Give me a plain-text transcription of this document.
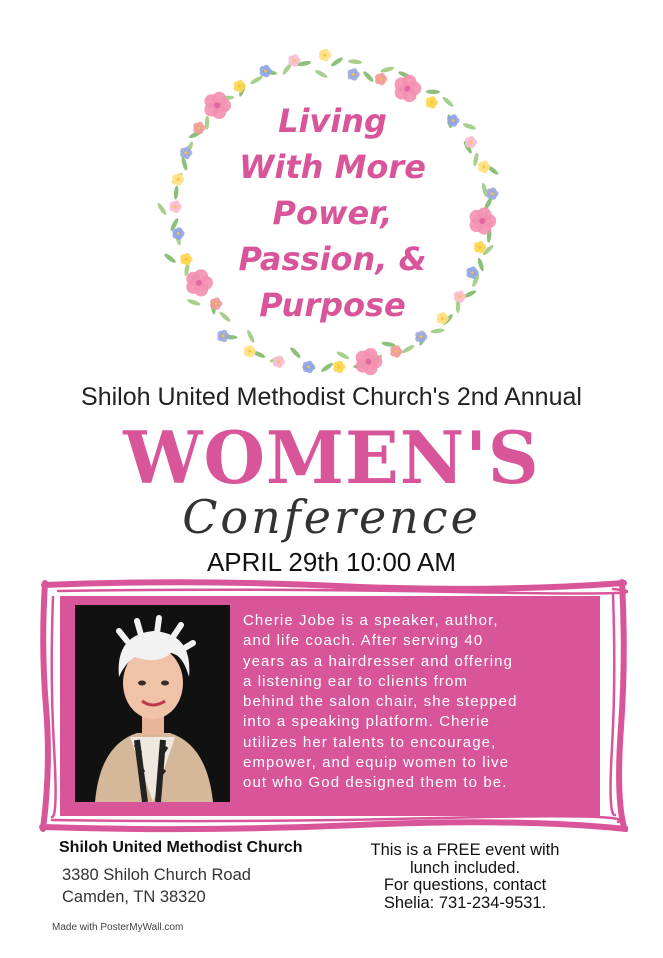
Living
With More
Power,
Passion, &
Purpose
Shiloh United Methodist Church's 2nd Annual
WOMEN'S
Conference
APRIL 29th 10:00 AM
Cherie Jobe is a speaker, author,
and life coach. After serving 40
years as a hairdresser and offering
a listening ear to clients from
behind the salon chair, she stepped
into a speaking platform. Cherie
utilizes her talents to encourage,
empower, and equip women to live
out who God designed them to be.
Shiloh United Methodist Church
3380 Shiloh Church Road
Camden, TN 38320
This is a FREE event with
lunch included.
For questions, contact
Shelia: 731-234-9531.
Made with PosterMyWall.com
